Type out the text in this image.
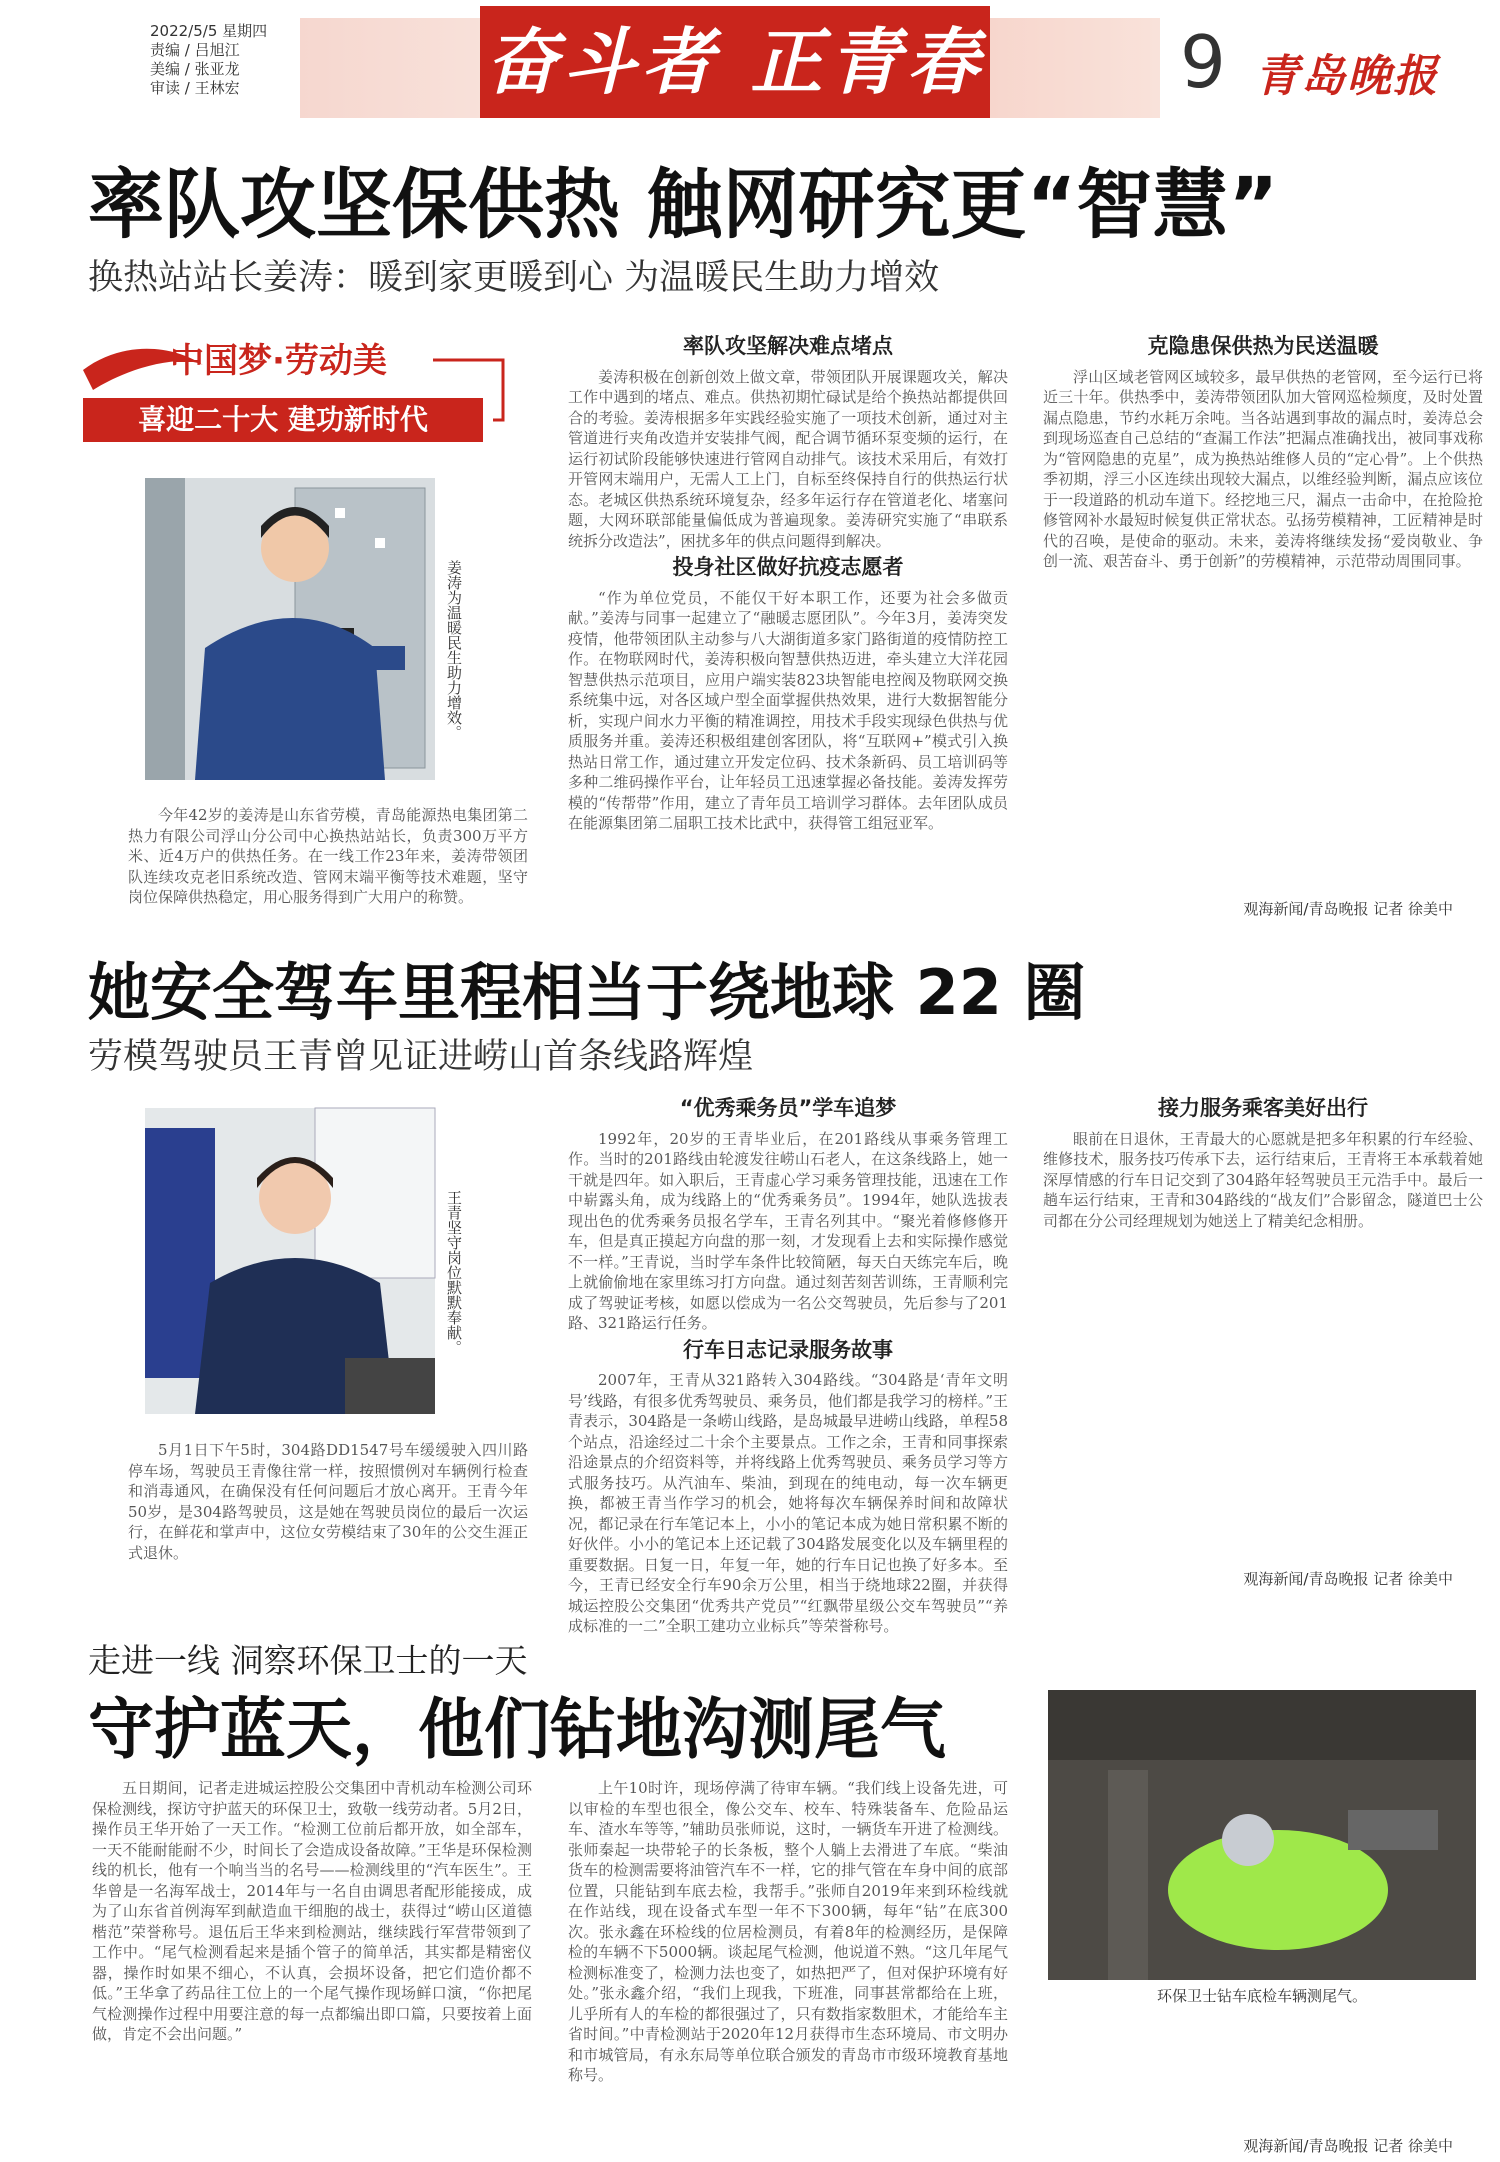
2022/5/5 星期四
责编 / 吕旭江
美编 / 张亚龙
审读 / 王林宏	奋斗者 正青春	9 青岛晚报
率队攻坚保供热 触网研究更“智慧”
换热站站长姜涛：暖到家更暖到心 为温暖民生助力增效
中国梦·劳动美
喜迎二十大 建功新时代
姜涛为温暖民生助力增效。

今年42岁的姜涛是山东省劳模，青岛能源热电集团第二热力有限公司浮山分公司中心换热站站长，负责300万平方米、近4万户的供热任务。在一线工作23年来，姜涛带领团队连续攻克老旧系统改造、管网末端平衡等技术难题，坚守岗位保障供热稳定，用心服务得到广大用户的称赞。

率队攻坚解决难点堵点

姜涛积极在创新创效上做文章，带领团队开展课题攻关，解决工作中遇到的堵点、难点。供热初期忙碌试是给个换热站都提供回合的考验。姜涛根据多年实践经验实施了一项技术创新，通过对主管道进行夹角改造并安装排气阀，配合调节循环泵变频的运行，在运行初试阶段能够快速进行管网自动排气。该技术采用后，有效打开管网末端用户，无需人工上门，自标至终保持自行的供热运行状态。老城区供热系统环境复杂，经多年运行存在管道老化、堵塞问题，大网环联部能量偏低成为普遍现象。姜涛研究实施了“串联系统拆分改造法”，困扰多年的供点问题得到解决。

投身社区做好抗疫志愿者

“作为单位党员，不能仅干好本职工作，还要为社会多做贡献。”姜涛与同事一起建立了“融暖志愿团队”。今年3月，姜涛突发疫情，他带领团队主动参与八大湖街道多家门路街道的疫情防控工作。在物联网时代，姜涛积极向智慧供热迈进，牵头建立大洋花园智慧供热示范项目，应用户端实装823块智能电控阀及物联网交换系统集中远，对各区域户型全面掌握供热效果，进行大数据智能分析，实现户间水力平衡的精准调控，用技术手段实现绿色供热与优质服务并重。姜涛还积极组建创客团队，将“互联网+”模式引入换热站日常工作，通过建立开发定位码、技术条新码、员工培训码等多种二维码操作平台，让年轻员工迅速掌握必备技能。姜涛发挥劳模的“传帮带”作用，建立了青年员工培训学习群体。去年团队成员在能源集团第二届职工技术比武中，获得管工组冠亚军。

克隐患保供热为民送温暖

浮山区域老管网区域较多，最早供热的老管网，至今运行已将近三十年。供热季中，姜涛带领团队加大管网巡检频度，及时处置漏点隐患，节约水耗万余吨。当各站遇到事故的漏点时，姜涛总会到现场巡查自己总结的“查漏工作法”把漏点准确找出，被同事戏称为“管网隐患的克星”，成为换热站维修人员的“定心骨”。上个供热季初期，浮三小区连续出现较大漏点，以维经验判断，漏点应该位于一段道路的机动车道下。经挖地三尺，漏点一击命中，在抢险抢修管网补水最短时候复供正常状态。弘扬劳模精神，工匠精神是时代的召唤，是使命的驱动。未来，姜涛将继续发扬“爱岗敬业、争创一流、艰苦奋斗、勇于创新”的劳模精神，示范带动周围同事。

观海新闻/青岛晚报 记者 徐美中
她安全驾车里程相当于绕地球 22 圈
劳模驾驶员王青曾见证进崂山首条线路辉煌
王青坚守岗位默默奉献。

5月1日下午5时，304路DD1547号车缓缓驶入四川路停车场，驾驶员王青像往常一样，按照惯例对车辆例行检查和消毒通风，在确保没有任何问题后才放心离开。王青今年50岁，是304路驾驶员，这是她在驾驶员岗位的最后一次运行，在鲜花和掌声中，这位女劳模结束了30年的公交生涯正式退休。

“优秀乘务员”学车追梦

1992年，20岁的王青毕业后，在201路线从事乘务管理工作。当时的201路线由轮渡发往崂山石老人，在这条线路上，她一干就是四年。如入职后，王青虚心学习乘务管理技能，迅速在工作中崭露头角，成为线路上的“优秀乘务员”。1994年，她队选拔表现出色的优秀乘务员报名学车，王青名列其中。“聚光着修修修开车，但是真正摸起方向盘的那一刻，才发现看上去和实际操作感觉不一样。”王青说，当时学车条件比较简陋，每天白天练完车后，晚上就偷偷地在家里练习打方向盘。通过刻苦刻苦训练，王青顺利完成了驾驶证考核，如愿以偿成为一名公交驾驶员，先后参与了201路、321路运行任务。

行车日志记录服务故事

2007年，王青从321路转入304路线。“304路是‘青年文明号’线路，有很多优秀驾驶员、乘务员，他们都是我学习的榜样。”王青表示，304路是一条崂山线路，是岛城最早进崂山线路，单程58个站点，沿途经过二十余个主要景点。工作之余，王青和同事探索沿途景点的介绍资料等，并将线路上优秀驾驶员、乘务员学习等方式服务技巧。从汽油车、柴油，到现在的纯电动，每一次车辆更换，都被王青当作学习的机会，她将每次车辆保养时间和故障状况，都记录在行车笔记本上，小小的笔记本成为她日常积累不断的好伙伴。小小的笔记本上还记载了304路发展变化以及车辆里程的重要数据。日复一日，年复一年，她的行车日记也换了好多本。至今，王青已经安全行车90余万公里，相当于绕地球22圈，并获得城运控股公交集团“优秀共产党员”“红飘带星级公交车驾驶员”“养成标准的一二”全职工建功立业标兵”等荣誉称号。

接力服务乘客美好出行

眼前在日退休，王青最大的心愿就是把多年积累的行车经验、维修技术，服务技巧传承下去，运行结束后，王青将王本承载着她深厚情感的行车日记交到了304路年轻驾驶员王元浩手中。最后一趟车运行结束，王青和304路线的“战友们”合影留念，隧道巴士公司都在分公司经理规划为她送上了精美纪念相册。

观海新闻/青岛晚报 记者 徐美中
走进一线 洞察环保卫士的一天
守护蓝天，他们钻地沟测尾气
环保卫士钻车底检车辆测尾气。

五日期间，记者走进城运控股公交集团中青机动车检测公司环保检测线，探访守护蓝天的环保卫士，致敬一线劳动者。5月2日，操作员王华开始了一天工作。“检测工位前后都开放，如全部车，一天不能耐能耐不少，时间长了会造成设备故障。”王华是环保检测线的机长，他有一个响当当的名号——检测线里的“汽车医生”。王华曾是一名海军战士，2014年与一名自由调思者配形能接成，成为了山东省首例海军到献造血干细胞的战士，获得过“崂山区道德楷范”荣誉称号。退伍后王华来到检测站，继续践行军营带领到了工作中。“尾气检测看起来是插个管子的简单活，其实都是精密仪器，操作时如果不细心，不认真，会损坏设备，把它们造价都不低。”王华拿了药品往工位上的一个尾气操作现场鲜口演，“你把尾气检测操作过程中用要注意的每一点都编出即口篇，只要按着上面做，肯定不会出问题。”

上午10时许，现场停满了待审车辆。“我们线上设备先进，可以审检的车型也很全，像公交车、校车、特殊装备车、危险品运车、渣水车等等，”辅助员张师说，这时，一辆货车开进了检测线。张师秦起一块带轮子的长条板，整个人躺上去滑进了车底。“柴油货车的检测需要将油管汽车不一样，它的排气管在车身中间的底部位置，只能钻到车底去检，我帮手。”张师自2019年来到环检线就在作站线，现在设备式车型一年不下300辆，每年“钻”在底300次。张永鑫在环检线的位居检测员，有着8年的检测经历，是保障检的车辆不下5000辆。谈起尾气检测，他说道不熟。“这几年尾气检测标准变了，检测力法也变了，如热把严了，但对保护环境有好处。”张永鑫介绍，“我们上现我，下班准，同事甚常都给在上班，儿乎所有人的车检的都很强过了，只有数指家数胆术，才能给车主省时间。”中青检测站于2020年12月获得市生态环境局、市文明办和市城管局，有永东局等单位联合颁发的青岛市市级环境教育基地称号。

观海新闻/青岛晚报 记者 徐美中
